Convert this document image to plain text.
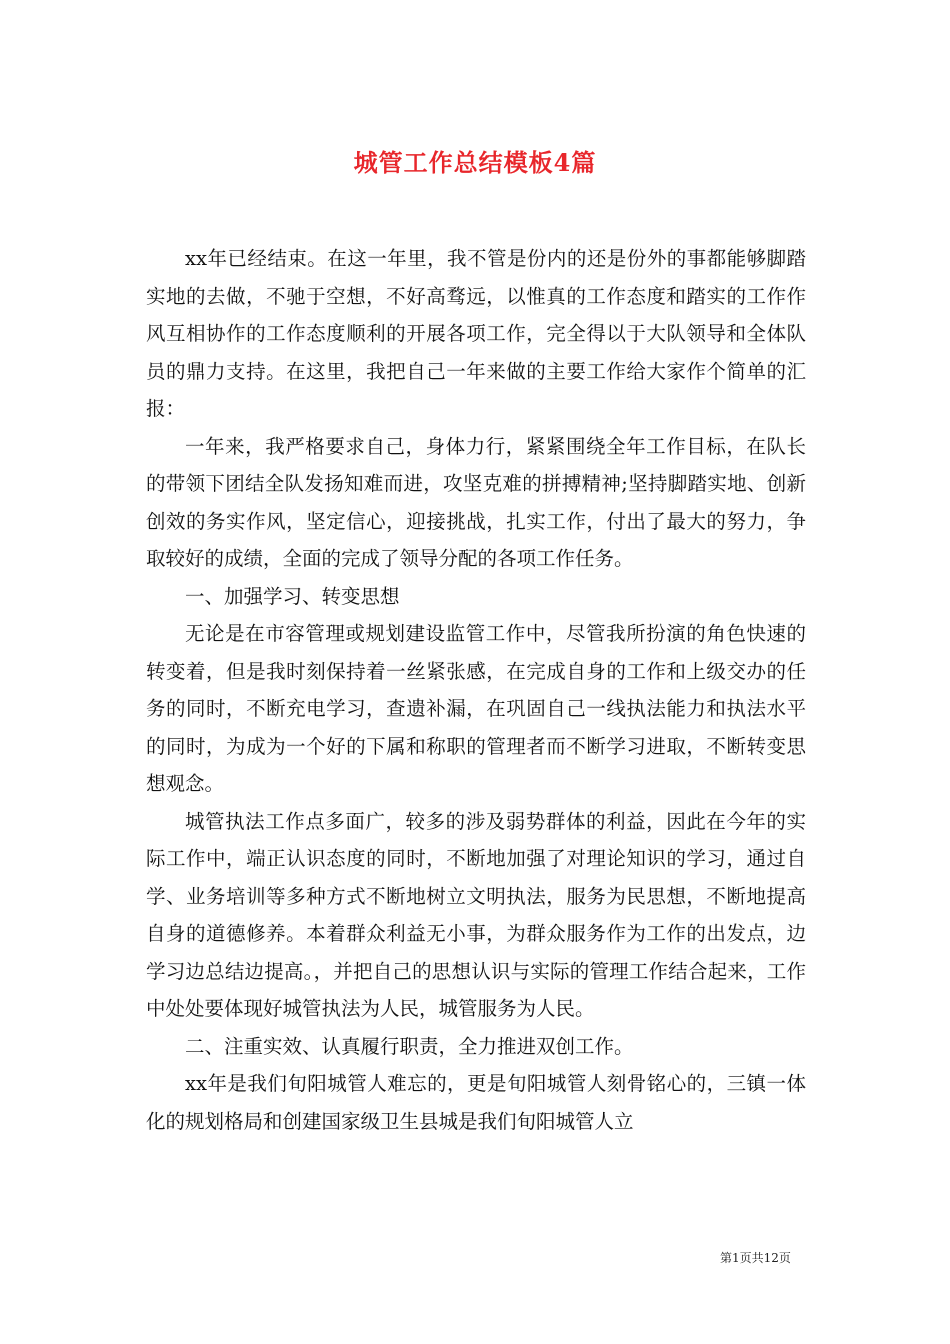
城管工作总结模板4篇

xx年已经结束。在这一年里，我不管是份内的还是份外的事都能够脚踏实地的去做，不驰于空想，不好高骛远，以惟真的工作态度和踏实的工作作风互相协作的工作态度顺利的开展各项工作，完全得以于大队领导和全体队员的鼎力支持。在这里，我把自己一年来做的主要工作给大家作个简单的汇报：

一年来，我严格要求自己，身体力行，紧紧围绕全年工作目标，在队长的带领下团结全队发扬知难而进，攻坚克难的拼搏精神;坚持脚踏实地、创新创效的务实作风，坚定信心，迎接挑战，扎实工作，付出了最大的努力，争取较好的成绩，全面的完成了领导分配的各项工作任务。

一、加强学习、转变思想

无论是在市容管理或规划建设监管工作中，尽管我所扮演的角色快速的转变着，但是我时刻保持着一丝紧张感，在完成自身的工作和上级交办的任务的同时，不断充电学习，查遗补漏，在巩固自己一线执法能力和执法水平的同时，为成为一个好的下属和称职的管理者而不断学习进取，不断转变思想观念。

城管执法工作点多面广，较多的涉及弱势群体的利益，因此在今年的实际工作中，端正认识态度的同时，不断地加强了对理论知识的学习，通过自学、业务培训等多种方式不断地树立文明执法，服务为民思想，不断地提高自身的道德修养。本着群众利益无小事，为群众服务作为工作的出发点，边学习边总结边提高。，并把自己的思想认识与实际的管理工作结合起来，工作中处处要体现好城管执法为人民，城管服务为人民。

二、注重实效、认真履行职责，全力推进双创工作。

xx年是我们旬阳城管人难忘的，更是旬阳城管人刻骨铭心的，三镇一体化的规划格局和创建国家级卫生县城是我们旬阳城管人立

第1页共12页
